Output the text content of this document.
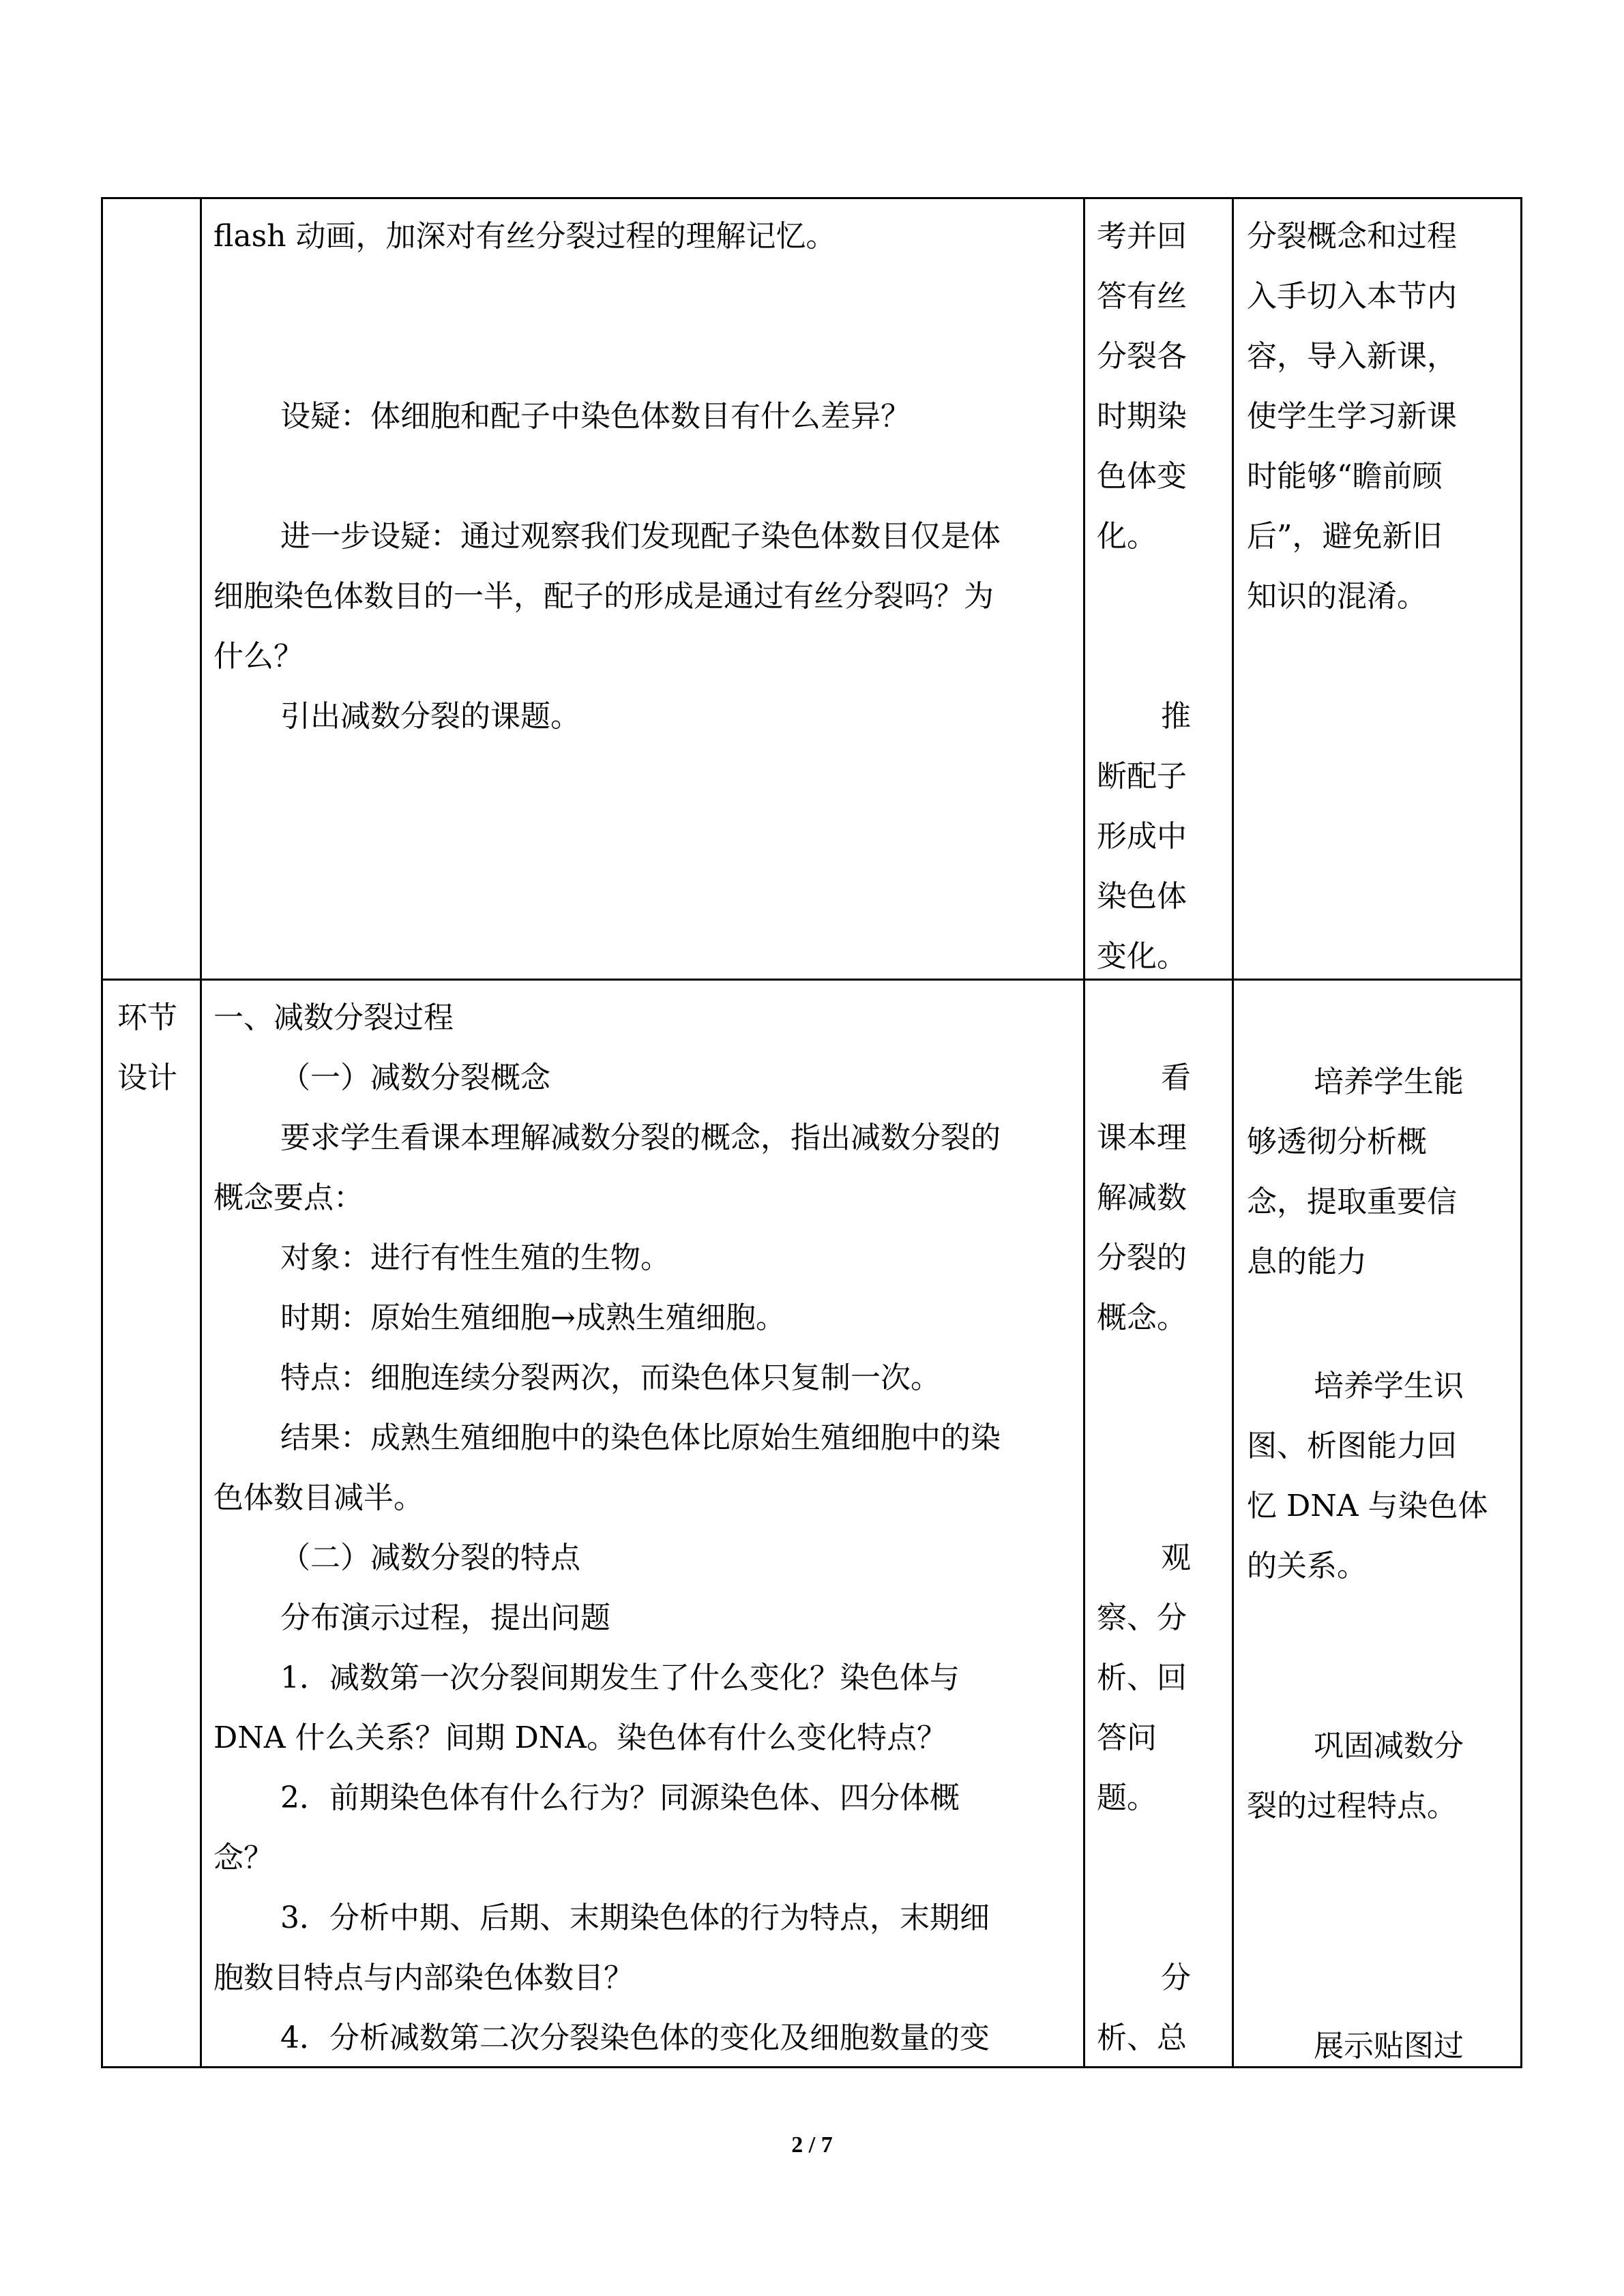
flash 动画，加深对有丝分裂过程的理解记忆。
设疑：体细胞和配子中染色体数目有什么差异？
进一步设疑：通过观察我们发现配子染色体数目仅是体
细胞染色体数目的一半，配子的形成是通过有丝分裂吗？为
什么？
引出减数分裂的课题。
考并回
答有丝
分裂各
时期染
色体变
化。
推
断配子
形成中
染色体
变化。
分裂概念和过程
入手切入本节内
容，导入新课，
使学生学习新课
时能够“瞻前顾
后”，避免新旧
知识的混淆。
环节
设计
一、减数分裂过程
（一）减数分裂概念
要求学生看课本理解减数分裂的概念，指出减数分裂的
概念要点：
对象：进行有性生殖的生物。
时期：原始生殖细胞→成熟生殖细胞。
特点：细胞连续分裂两次，而染色体只复制一次。
结果：成熟生殖细胞中的染色体比原始生殖细胞中的染
色体数目减半。
（二）减数分裂的特点
分布演示过程，提出问题
1．减数第一次分裂间期发生了什么变化？染色体与
DNA 什么关系？间期 DNA。染色体有什么变化特点？
2．前期染色体有什么行为？同源染色体、四分体概
念？
3．分析中期、后期、末期染色体的行为特点，末期细
胞数目特点与内部染色体数目？
4．分析减数第二次分裂染色体的变化及细胞数量的变
看
课本理
解减数
分裂的
概念。
观
察、分
析、回
答问
题。
分
析、总
培养学生能
够透彻分析概
念，提取重要信
息的能力
培养学生识
图、析图能力回
忆 DNA 与染色体
的关系。
巩固减数分
裂的过程特点。
展示贴图过
2 / 7
